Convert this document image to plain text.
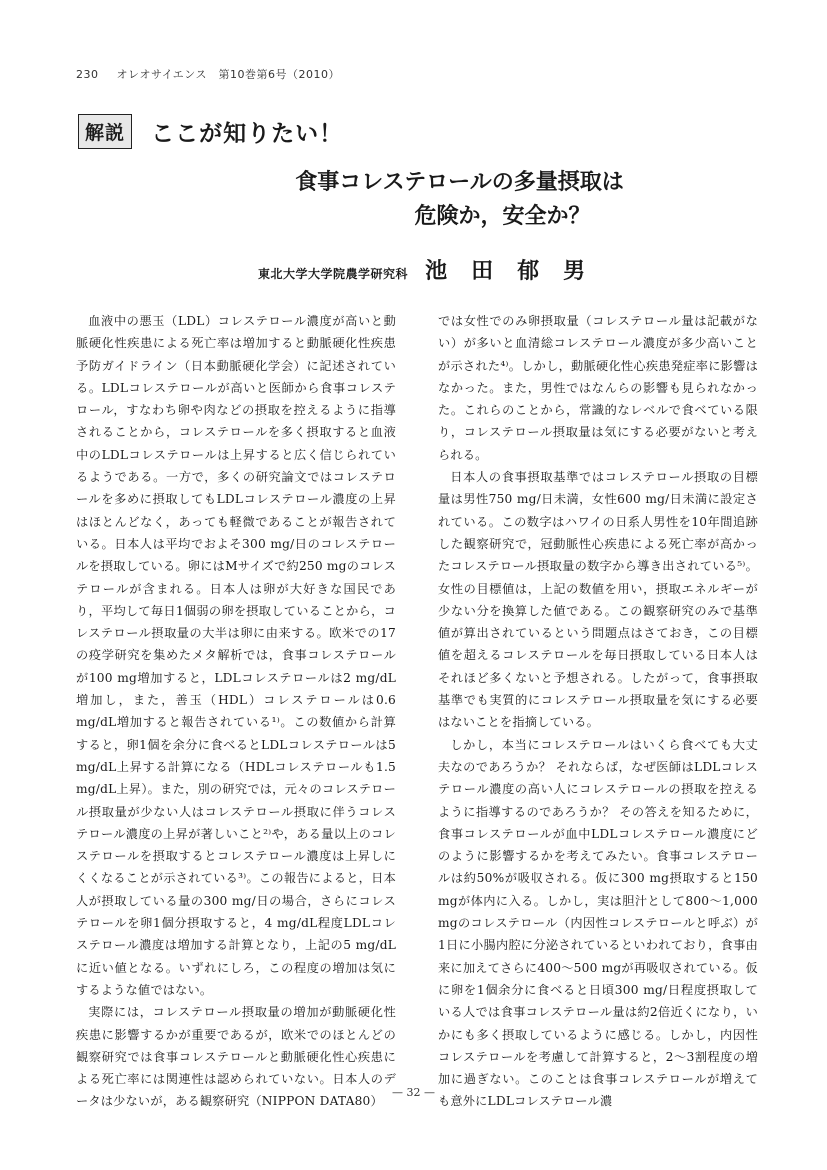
230 オレオサイエンス　第10巻第6号（2010）
解説 ここが知りたい！
食事コレステロールの多量摂取は
危険か，安全か？
東北大学大学院農学研究科 池田郁男

血液中の悪玉（LDL）コレステロール濃度が高いと動脈硬化性疾患による死亡率は増加すると動脈硬化性疾患予防ガイドライン（日本動脈硬化学会）に記述されている。LDLコレステロールが高いと医師から食事コレステロール，すなわち卵や肉などの摂取を控えるように指導されることから，コレステロールを多く摂取すると血液中のLDLコレステロールは上昇すると広く信じられているようである。一方で，多くの研究論文ではコレステロールを多めに摂取してもLDLコレステロール濃度の上昇はほとんどなく，あっても軽微であることが報告されている。日本人は平均でおよそ300 mg/日のコレステロールを摂取している。卵にはMサイズで約250 mgのコレステロールが含まれる。日本人は卵が大好きな国民であり，平均して毎日1個弱の卵を摂取していることから，コレステロール摂取量の大半は卵に由来する。欧米での17の疫学研究を集めたメタ解析では，食事コレステロールが100 mg増加すると，LDLコレステロールは2 mg/dL増加し，また，善玉（HDL）コレステロールは0.6 mg/dL増加すると報告されている¹⁾。この数値から計算すると，卵1個を余分に食べるとLDLコレステロールは5 mg/dL上昇する計算になる（HDLコレステロールも1.5 mg/dL上昇）。また，別の研究では，元々のコレステロール摂取量が少ない人はコレステロール摂取に伴うコレステロール濃度の上昇が著しいこと²⁾や，ある量以上のコレステロールを摂取するとコレステロール濃度は上昇しにくくなることが示されている³⁾。この報告によると，日本人が摂取している量の300 mg/日の場合，さらにコレステロールを卵1個分摂取すると，4 mg/dL程度LDLコレステロール濃度は増加する計算となり，上記の5 mg/dLに近い値となる。いずれにしろ，この程度の増加は気にするような値ではない。

実際には，コレステロール摂取量の増加が動脈硬化性疾患に影響するかが重要であるが，欧米でのほとんどの観察研究では食事コレステロールと動脈硬化性心疾患による死亡率には関連性は認められていない。日本人のデータは少ないが，ある観察研究（NIPPON DATA80）

では女性でのみ卵摂取量（コレステロール量は記載がない）が多いと血清総コレステロール濃度が多少高いことが示された⁴⁾。しかし，動脈硬化性心疾患発症率に影響はなかった。また，男性ではなんらの影響も見られなかった。これらのことから，常識的なレベルで食べている限り，コレステロール摂取量は気にする必要がないと考えられる。

日本人の食事摂取基準ではコレステロール摂取の目標量は男性750 mg/日未満，女性600 mg/日未満に設定されている。この数字はハワイの日系人男性を10年間追跡した観察研究で，冠動脈性心疾患による死亡率が高かったコレステロール摂取量の数字から導き出されている⁵⁾。女性の目標値は，上記の数値を用い，摂取エネルギーが少ない分を換算した値である。この観察研究のみで基準値が算出されているという問題点はさておき，この目標値を超えるコレステロールを毎日摂取している日本人はそれほど多くないと予想される。したがって，食事摂取基準でも実質的にコレステロール摂取量を気にする必要はないことを指摘している。

しかし，本当にコレステロールはいくら食べても大丈夫なのであろうか？ それならば，なぜ医師はLDLコレステロール濃度の高い人にコレステロールの摂取を控えるように指導するのであろうか？ その答えを知るために，食事コレステロールが血中LDLコレステロール濃度にどのように影響するかを考えてみたい。食事コレステロールは約50%が吸収される。仮に300 mg摂取すると150 mgが体内に入る。しかし，実は胆汁として800～1,000 mgのコレステロール（内因性コレステロールと呼ぶ）が1日に小腸内腔に分泌されているといわれており，食事由来に加えてさらに400～500 mgが再吸収されている。仮に卵を1個余分に食べると日頃300 mg/日程度摂取している人では食事コレステロール量は約2倍近くになり，いかにも多く摂取しているように感じる。しかし，内因性コレステロールを考慮して計算すると，2～3割程度の増加に過ぎない。このことは食事コレステロールが増えても意外にLDLコレステロール濃

— 32 —
